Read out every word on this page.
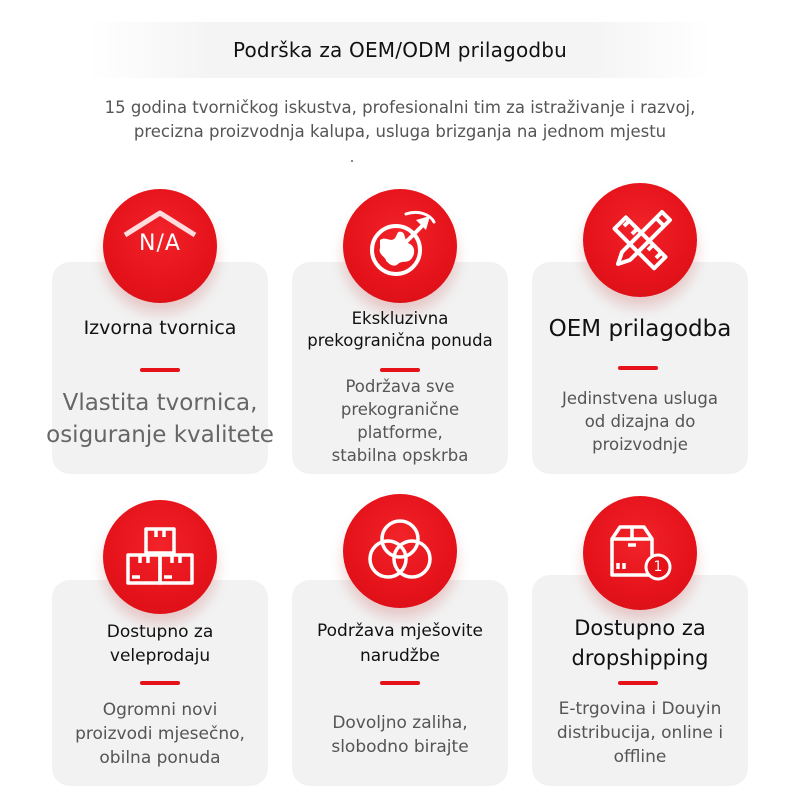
Podrška za OEM/ODM prilagodbu
15 godina tvorničkog iskustva, profesionalni tim za istraživanje i razvoj,
precizna proizvodnja kalupa, usluga brizganja na jednom mjestu
N/A
Izvorna tvornica
Vlastita tvornica, osiguranje kvalitete
Ekskluzivna prekogranična ponuda
Podržava sve prekogranične platforme, stabilna opskrba
OEM prilagodba
Jedinstvena usluga od dizajna do proizvodnje
Dostupno za veleprodaju
Ogromni novi proizvodi mjesečno, obilna ponuda
Podržava mješovite narudžbe
Dovoljno zaliha, slobodno birajte
1
Dostupno za dropshipping
E-trgovina i Douyin distribucija, online i offline
